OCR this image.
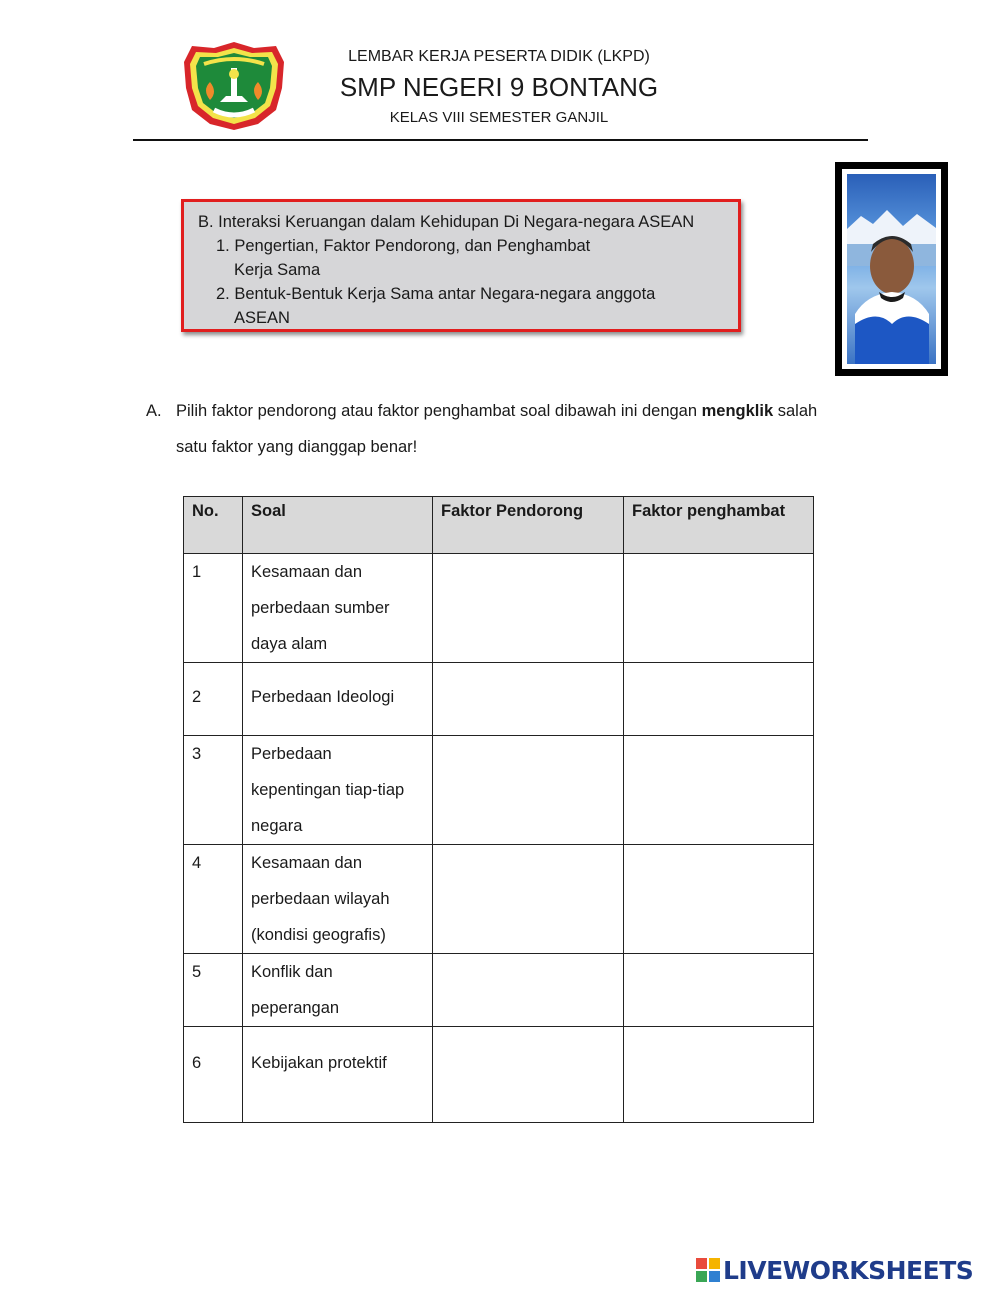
LEMBAR KERJA PESERTA DIDIK (LKPD)
SMP NEGERI 9 BONTANG
KELAS VIII SEMESTER GANJIL
B. Interaksi Keruangan dalam Kehidupan Di Negara-negara ASEAN
1. Pengertian, Faktor Pendorong, dan Penghambat
Kerja Sama
2. Bentuk-Bentuk Kerja Sama antar Negara-negara anggota
ASEAN
A. Pilih faktor pendorong atau faktor penghambat soal dibawah ini dengan mengklik salah
satu faktor yang dianggap benar!
No.	Soal	Faktor Pendorong	Faktor penghambat
1	Kesamaan dan
perbedaan sumber
daya alam		

2	Perbedaan Ideologi		

3	Perbedaan
kepentingan tiap-tiap
negara		

4	Kesamaan dan
perbedaan wilayah
(kondisi geografis)		

5	Konflik dan
peperangan		

6	Kebijakan protektif		

LIVEWORKSHEETS
